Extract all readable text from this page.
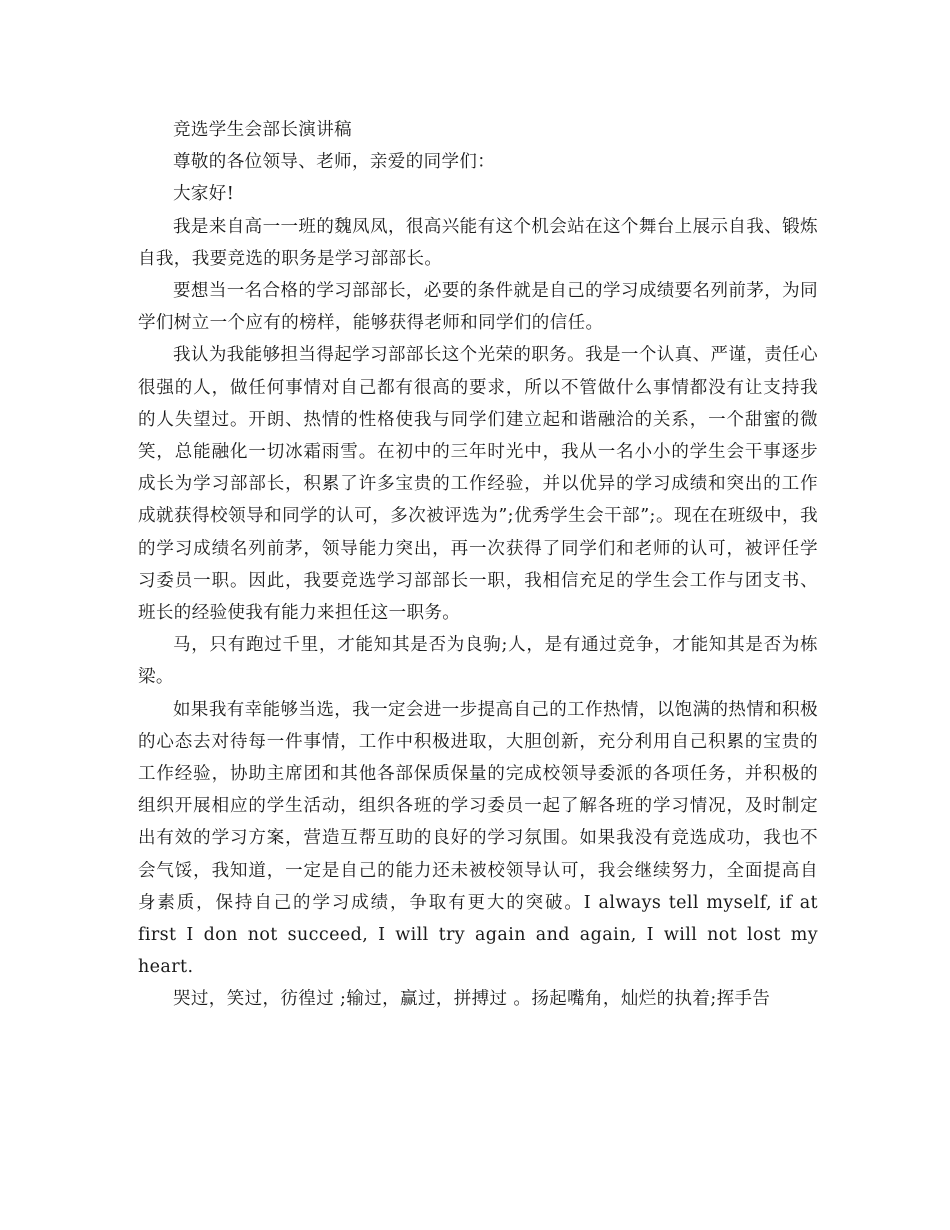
竞选学生会部长演讲稿

尊敬的各位领导、老师，亲爱的同学们：

大家好!

我是来自高一一班的魏凤凤，很高兴能有这个机会站在这个舞台上展示自我、锻炼自我，我要竞选的职务是学习部部长。

要想当一名合格的学习部部长，必要的条件就是自己的学习成绩要名列前茅，为同学们树立一个应有的榜样，能够获得老师和同学们的信任。

我认为我能够担当得起学习部部长这个光荣的职务。我是一个认真、严谨，责任心很强的人，做任何事情对自己都有很高的要求，所以不管做什么事情都没有让支持我的人失望过。开朗、热情的性格使我与同学们建立起和谐融洽的关系，一个甜蜜的微笑，总能融化一切冰霜雨雪。在初中的三年时光中，我从一名小小的学生会干事逐步成长为学习部部长，积累了许多宝贵的工作经验，并以优异的学习成绩和突出的工作成就获得校领导和同学的认可，多次被评选为”;优秀学生会干部”;。现在在班级中，我的学习成绩名列前茅，领导能力突出，再一次获得了同学们和老师的认可，被评任学习委员一职。因此，我要竞选学习部部长一职，我相信充足的学生会工作与团支书、班长的经验使我有能力来担任这一职务。

马，只有跑过千里，才能知其是否为良驹;人，是有通过竞争，才能知其是否为栋梁。

如果我有幸能够当选，我一定会进一步提高自己的工作热情，以饱满的热情和积极的心态去对待每一件事情，工作中积极进取，大胆创新，充分利用自己积累的宝贵的工作经验，协助主席团和其他各部保质保量的完成校领导委派的各项任务，并积极的组织开展相应的学生活动，组织各班的学习委员一起了解各班的学习情况，及时制定出有效的学习方案，营造互帮互助的良好的学习氛围。如果我没有竞选成功，我也不会气馁，我知道，一定是自己的能力还未被校领导认可，我会继续努力，全面提高自身素质，保持自己的学习成绩，争取有更大的突破。I always tell myself, if at first I don not succeed, I will try again and again, I will not lost my heart.

哭过，笑过，彷徨过 ;输过，赢过，拼搏过 。扬起嘴角，灿烂的执着;挥手告
